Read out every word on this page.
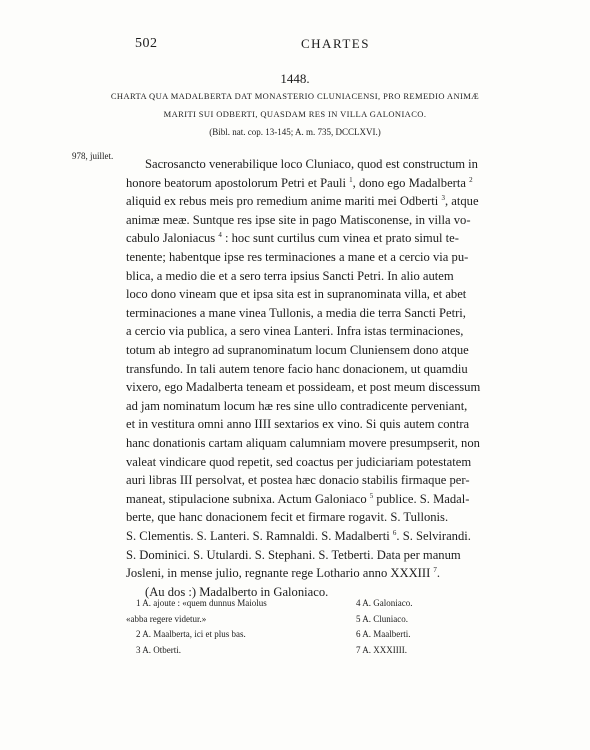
502	CHARTES
1448.
CHARTA QUA MADALBERTA DAT MONASTERIO CLUNIACENSI, PRO REMEDIO ANIMÆ
MARITI SUI ODBERTI, QUASDAM RES IN VILLA GALONIACO.
(Bibl. nat. cop. 13-145; A. m. 735, DCCLXVI.)
978, juillet.
Sacrosancto venerabilique loco Cluniaco, quod est constructum in
honore beatorum apostolorum Petri et Pauli $^1$, dono ego Madalberta $^2$
aliquid ex rebus meis pro remedium anime mariti mei Odberti $^3$, atque
animæ meæ. Suntque res ipse site in pago Matisconense, in villa vo-
cabulo Jaloniacus $^4$ : hoc sunt curtilus cum vinea et prato simul te-
tenente; habentque ipse res terminaciones a mane et a cercio via pu-
blica, a medio die et a sero terra ipsius Sancti Petri. In alio autem
loco dono vineam que et ipsa sita est in supranominata villa, et abet
terminaciones a mane vinea Tullonis, a media die terra Sancti Petri,
a cercio via publica, a sero vinea Lanteri. Infra istas terminaciones,
totum ab integro ad supranominatum locum Cluniensem dono atque
transfundo. In tali autem tenore facio hanc donacionem, ut quamdiu
vixero, ego Madalberta teneam et possideam, et post meum discessum
ad jam nominatum locum hæ res sine ullo contradicente perveniant,
et in vestitura omni anno IIII sextarios ex vino. Si quis autem contra
hanc donationis cartam aliquam calumniam movere presumpserit, non
valeat vindicare quod repetit, sed coactus per judiciariam potestatem
auri libras III persolvat, et postea hæc donacio stabilis firmaque per-
maneat, stipulacione subnixa. Actum Galoniaco $^5$ publice. S. Madal-
berte, que hanc donacionem fecit et firmare rogavit. S. Tullonis.
S. Clementis. S. Lanteri. S. Ramnaldi. S. Madalberti $^6$. S. Selvirandi.
S. Dominici. S. Utulardi. S. Stephani. S. Tetberti. Data per manum
Josleni, in mense julio, regnante rege Lothario anno XXXIII $^7$.
(Au dos :) Madalberto in Galoniaco.
1 A. ajoute : «quem dunnus Maiolus
«abba regere videtur.»
2 A. Maalberta, ici et plus bas.
3 A. Otberti.
4 A. Galoniaco.
5 A. Cluniaco.
6 A. Maalberti.
7 A. XXXIIII.
